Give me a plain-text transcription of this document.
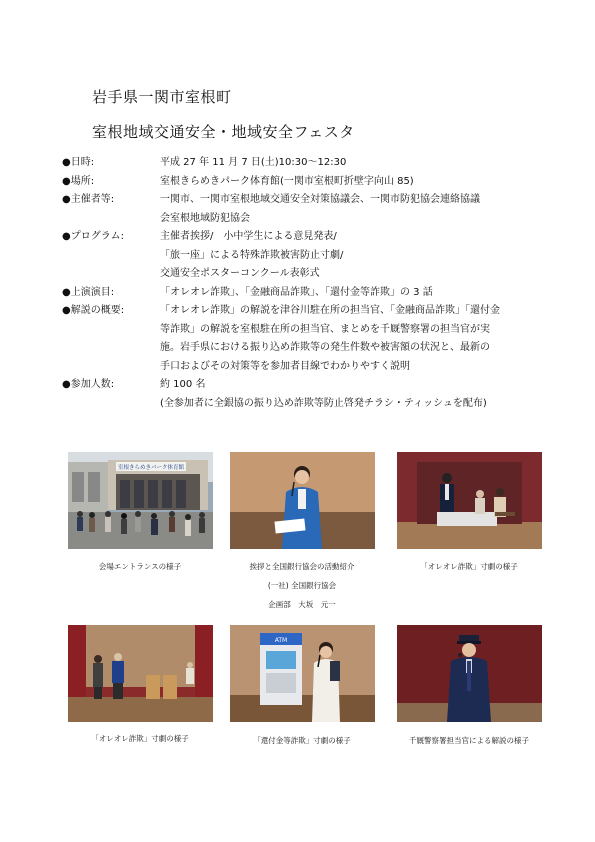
岩手県一関市室根町
室根地域交通安全・地域安全フェスタ
●日時:	平成 27 年 11 月 7 日(土)10:30〜12:30
●場所:	室根きらめきパーク体育館(一関市室根町折壁字向山 85)
●主催者等:	一関市、一関市室根地域交通安全対策協議会、一関市防犯協会連絡協議
会室根地域防犯協会
●プログラム:	主催者挨拶/　小中学生による意見発表/
「旅一座」による特殊詐欺被害防止寸劇/
交通安全ポスターコンクール表彰式
●上演演目:	「オレオレ詐欺」、「金融商品詐欺」、「還付金等詐欺」の 3 話
●解説の概要:	「オレオレ詐欺」の解説を津谷川駐在所の担当官、「金融商品詐欺」「還付金
等詐欺」の解説を室根駐在所の担当官、まとめを千厩警察署の担当官が実
施。岩手県における振り込め詐欺等の発生件数や被害額の状況と、最新の
手口およびその対策等を参加者目線でわかりやすく説明
●参加人数:	約 100 名
(全参加者に全銀協の振り込め詐欺等防止啓発チラシ・ティッシュを配布)
室根きらめきパーク体育館
会場エントランスの様子	挨拶と全国銀行協会の活動紹介
(一社) 全国銀行協会
企画部　大坂　元一
「オレオレ詐欺」寸劇の様子
ATM
「オレオレ詐欺」寸劇の様子	「還付金等詐欺」寸劇の様子	千厩警察署担当官による解説の様子
